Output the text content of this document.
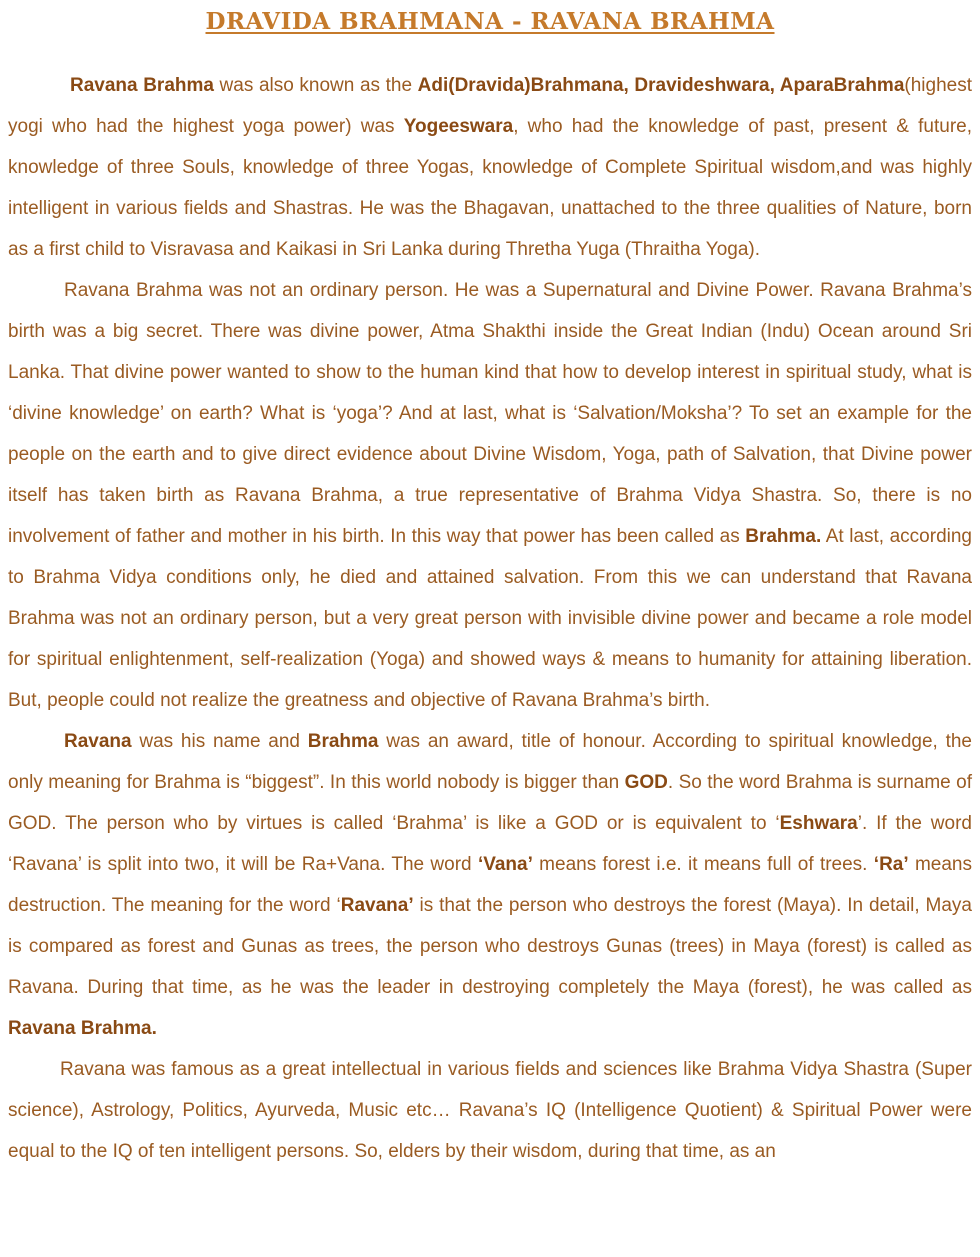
DRAVIDA BRAHMANA - RAVANA BRAHMA

Ravana Brahma was also known as the Adi(Dravida)Brahmana, Dravideshwara, AparaBrahma(highest yogi who had the highest yoga power) was Yogeeswara, who had the knowledge of past, present & future, knowledge of three Souls, knowledge of three Yogas, knowledge of Complete Spiritual wisdom,and was highly intelligent in various fields and Shastras. He was the Bhagavan, unattached to the three qualities of Nature, born as a first child to Visravasa and Kaikasi in Sri Lanka during Thretha Yuga (Thraitha Yoga).

Ravana Brahma was not an ordinary person. He was a Supernatural and Divine Power. Ravana Brahma’s birth was a big secret. There was divine power, Atma Shakthi inside the Great Indian (Indu) Ocean around Sri Lanka. That divine power wanted to show to the human kind that how to develop interest in spiritual study, what is ‘divine knowledge’ on earth? What is ‘yoga’? And at last, what is ‘Salvation/Moksha’? To set an example for the people on the earth and to give direct evidence about Divine Wisdom, Yoga, path of Salvation, that Divine power itself has taken birth as Ravana Brahma, a true representative of Brahma Vidya Shastra. So, there is no involvement of father and mother in his birth. In this way that power has been called as Brahma. At last, according to Brahma Vidya conditions only, he died and attained salvation. From this we can understand that Ravana Brahma was not an ordinary person, but a very great person with invisible divine power and became a role model for spiritual enlightenment, self-realization (Yoga) and showed ways & means to humanity for attaining liberation. But, people could not realize the greatness and objective of Ravana Brahma’s birth.

Ravana was his name and Brahma was an award, title of honour. According to spiritual knowledge, the only meaning for Brahma is “biggest”. In this world nobody is bigger than GOD. So the word Brahma is surname of GOD. The person who by virtues is called ‘Brahma’ is like a GOD or is equivalent to ‘Eshwara’. If the word ‘Ravana’ is split into two, it will be Ra+Vana. The word ‘Vana’ means forest i.e. it means full of trees. ‘Ra’ means destruction. The meaning for the word ‘Ravana’ is that the person who destroys the forest (Maya). In detail, Maya is compared as forest and Gunas as trees, the person who destroys Gunas (trees) in Maya (forest) is called as Ravana. During that time, as he was the leader in destroying completely the Maya (forest), he was called as Ravana Brahma.

Ravana was famous as a great intellectual in various fields and sciences like Brahma Vidya Shastra (Super science), Astrology, Politics, Ayurveda, Music etc… Ravana’s IQ (Intelligence Quotient) & Spiritual Power were equal to the IQ of ten intelligent persons. So, elders by their wisdom, during that time, as an
